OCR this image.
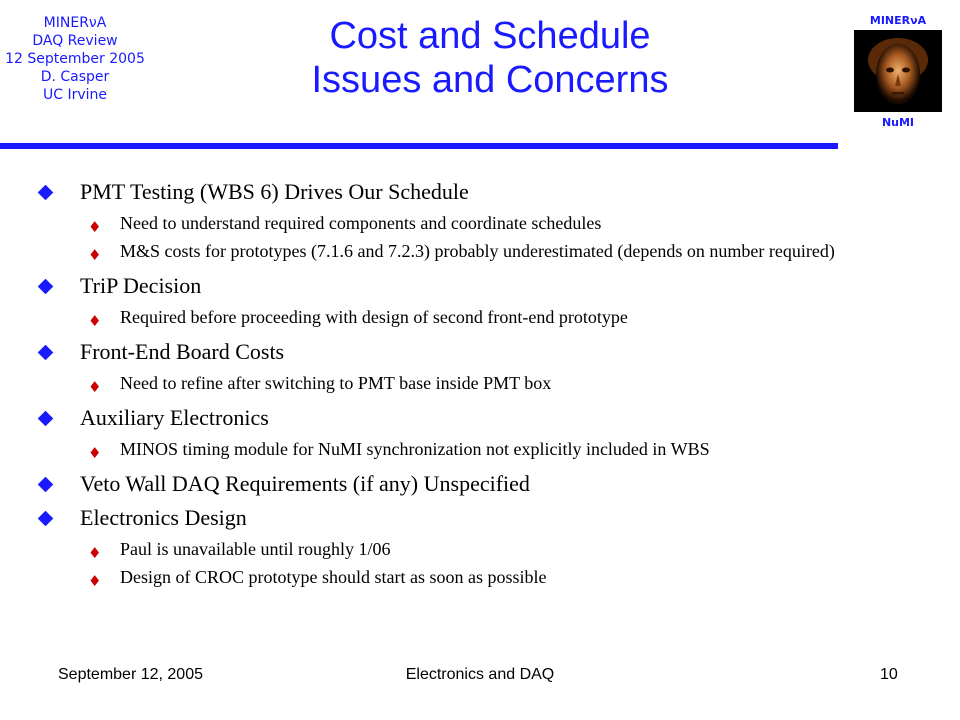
MINERνA
DAQ Review
12 September 2005
D. Casper
UC Irvine
Cost and Schedule
Issues and Concerns
MINERνA
NuMI
PMT Testing (WBS 6) Drives Our Schedule
♦ Need to understand required components and coordinate schedules
♦ M&S costs for prototypes (7.1.6 and 7.2.3) probably underestimated (depends on number required)
TriP Decision
♦ Required before proceeding with design of second front-end prototype
Front-End Board Costs
♦ Need to refine after switching to PMT base inside PMT box
Auxiliary Electronics
♦ MINOS timing module for NuMI synchronization not explicitly included in WBS
Veto Wall DAQ Requirements (if any) Unspecified
Electronics Design
♦ Paul is unavailable until roughly 1/06
♦ Design of CROC prototype should start as soon as possible
September 12, 2005	Electronics and DAQ	10
